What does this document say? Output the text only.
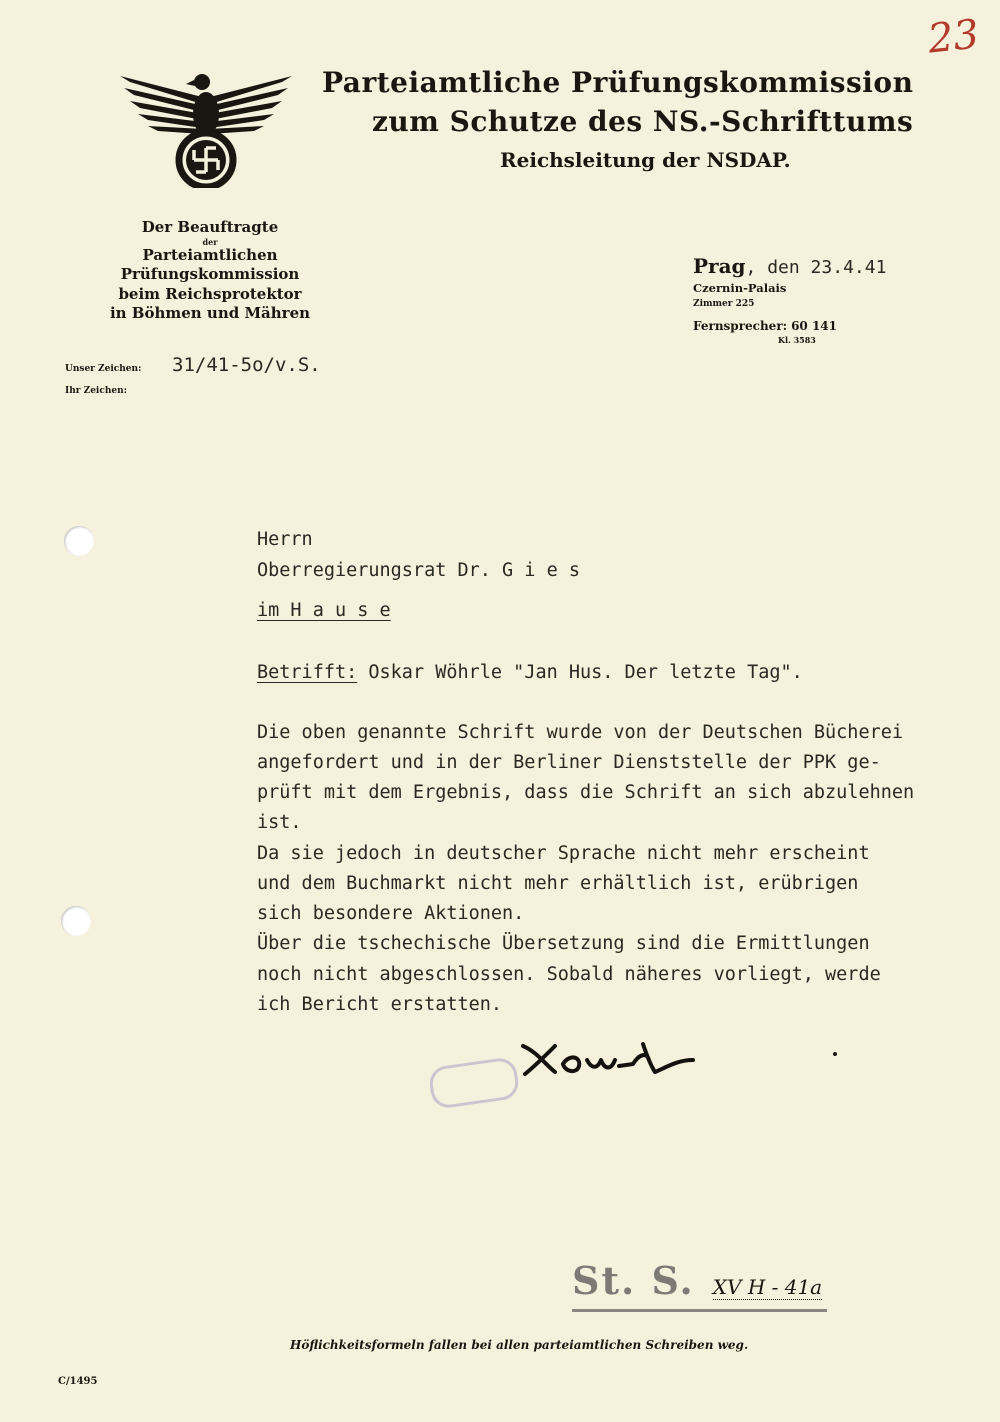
Parteiamtliche Prüfungskommission
zum Schutze des NS.-Schrifttums
Reichsleitung der NSDAP.
23
Der Beauftragte
der
Parteiamtlichen Prüfungskommission
beim Reichsprotektor
in Böhmen und Mähren
Prag, den 23.4.41
Czernin-Palais
Zimmer 225
Fernsprecher: 60 141
Kl. 3583
Unser Zeichen: 31/41-5o/v.S.
Ihr Zeichen:
Herrn
Oberregierungsrat Dr. G i e s
im H a u s e
Betrifft: Oskar Wöhrle "Jan Hus. Der letzte Tag".
Die oben genannte Schrift wurde von der Deutschen Bücherei
angefordert und in der Berliner Dienststelle der PPK ge-
prüft mit dem Ergebnis, dass die Schrift an sich abzulehnen
ist.
Da sie jedoch in deutscher Sprache nicht mehr erscheint
und dem Buchmarkt nicht mehr erhältlich ist, erübrigen
sich besondere Aktionen.
Über die tschechische Übersetzung sind die Ermittlungen
noch nicht abgeschlossen. Sobald näheres vorliegt, werde
ich Bericht erstatten.
St. S. XV H - 41a
Höflichkeitsformeln fallen bei allen parteiamtlichen Schreiben weg.
C/1495
